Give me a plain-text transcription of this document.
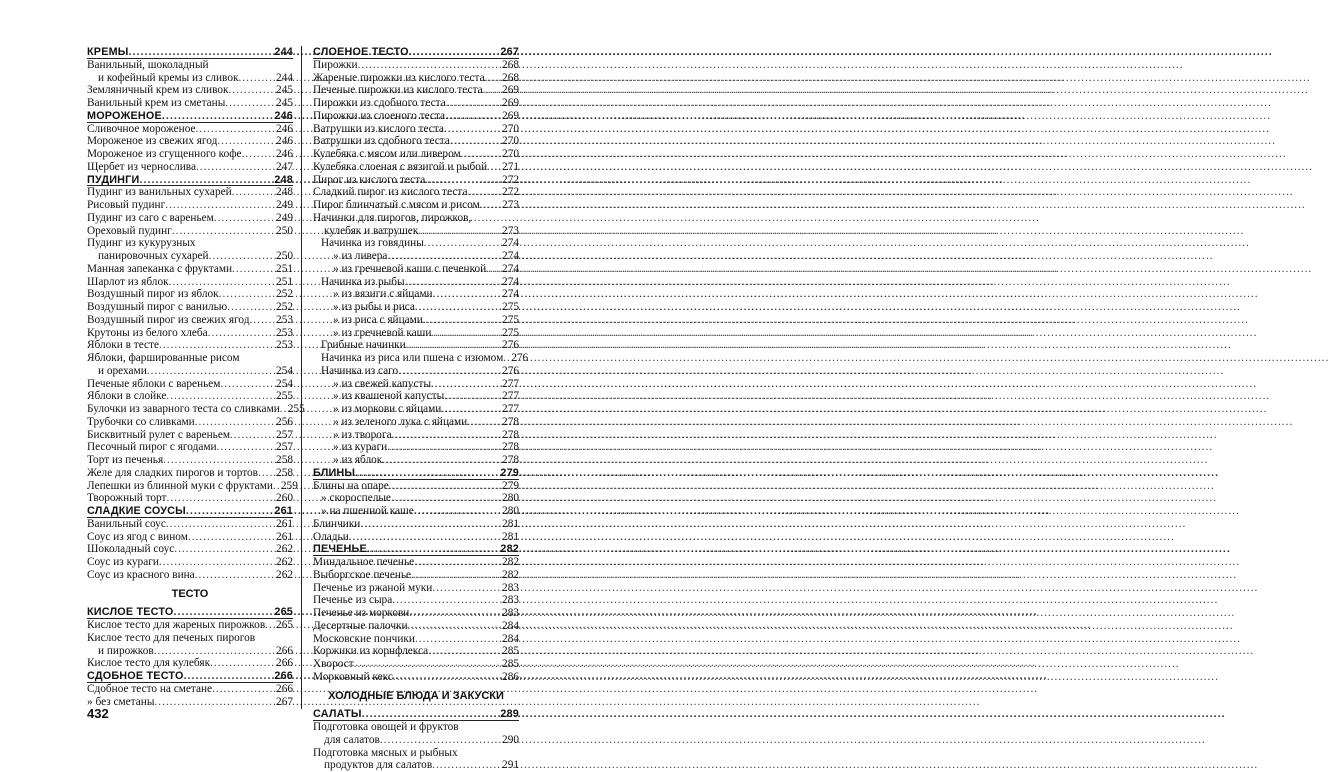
КРЕМЫ .....	244
Ванильный, шоколадный
и кофейный кремы из сливок .....	244
Земляничный крем из сливок .....	245
Ванильный крем из сметаны .....	245
МОРОЖЕНОЕ .....	246
Сливочное мороженое .....	246
Мороженое из свежих ягод .....	246
Мороженое из сгущенного кофе .....	246
Щербет из чернослива .....	247
ПУДИНГИ .....	248
Пудинг из ванильных сухарей .....	248
Рисовый пудинг .....	249
Пудинг из саго с вареньем .....	249
Ореховый пудинг .....	250
Пудинг из кукурузных
панировочных сухарей .....	250
Манная запеканка с фруктами .....	251
Шарлот из яблок .....	251
Воздушный пирог из яблок .....	252
Воздушный пирог с ванилью .....	252
Воздушный пирог из свежих ягод ..... 253
Крутоны из белого хлеба .....	253
Яблоки в тесте .....	253
Яблоки, фаршированные рисом
и орехами .....	254
Печеные яблоки с вареньем .....	254
Яблоки в слойке .....	255
Булочки из заварного теста со сливками ..... 255
Трубочки со сливками .....	256
Бисквитный рулет с вареньем .....	257
Песочный пирог с ягодами .....	257
Торт из печенья .....	258
Желе для сладких пирогов и тортов ..... 258
Лепешки из блинной муки с фруктами ..... 259
Творожный торт .....	260
СЛАДКИЕ СОУСЫ .....	261
Ванильный соус .....	261
Соус из ягод с вином .....	261
Шоколадный соус .....	262
Соус из кураги .....	262
Соус из красного вина .....	262
ТЕСТО
КИСЛОЕ ТЕСТО .....	265
Кислое тесто для жареных пирожков ..... 265
Кислое тесто для печеных пирогов
и пирожков .....	266
Кислое тесто для кулебяк .....	266
СДОБНОЕ ТЕСТО .....	266
Сдобное тесто на сметане .....	266
» без сметаны .....	267
СЛОЕНОЕ ТЕСТО .....	267
Пирожки .....	268
Жареные пирожки из кислого теста ..... 268
Печеные пирожки из кислого теста ..... 269
Пирожки из сдобного теста .....	269
Пирожки из слоеного теста .....	269
Ватрушки из кислого теста .....	270
Ватрушки из сдобного теста .....	270
Кулебяка с мясом или ливером .....	270
Кулебяка слоеная с вязигой и рыбой ..... 271
Пирог из кислого теста .....	272
Сладкий пирог из кислого теста .....	272
Пирог блинчатый с мясом и рисом ..... 273
Начинки для пирогов, пирожков,
кулебяк и ватрушек .....	273
Начинка из говядины .....	274
» из ливера .....	274
» из гречневой каши с печенкой ..... 274
Начинка из рыбы .....	274
» из вязиги с яйцами .....	274
» из рыбы и риса .....	275
» из риса с яйцами .....	275
» из гречневой каши .....	275
Грибные начинки .....	276
Начинка из риса или пшена с изюмом ..... 276
Начинка из саго .....	276
» из свежей капусты .....	277
» из квашеной капусты .....	277
» из моркови с яйцами .....	277
» из зеленого лука с яйцами .....	278
» из творога .....	278
» из кураги .....	278
» из яблок .....	278
БЛИНЫ .....	279
Блины на опаре .....	279
» скороспелые .....	280
» на пшенной каше .....	280
Блинчики .....	281
Оладьи .....	281
ПЕЧЕНЬЕ .....	282
Миндальное печенье .....	282
Выборгское печенье .....	282
Печенье из ржаной муки .....	283
Печенье из сыра .....	283
Печенье из моркови .....	283
Десертные палочки .....	284
Московские пончики .....	284
Коржики из корнфлекса .....	285
Хворост .....	285
Морковный кекс .....	286
ХОЛОДНЫЕ БЛЮДА И ЗАКУСКИ
САЛАТЫ .....	289
Подготовка овощей и фруктов
для салатов .....	290
Подготовка мясных и рыбных
продуктов для салатов .....	291
432
